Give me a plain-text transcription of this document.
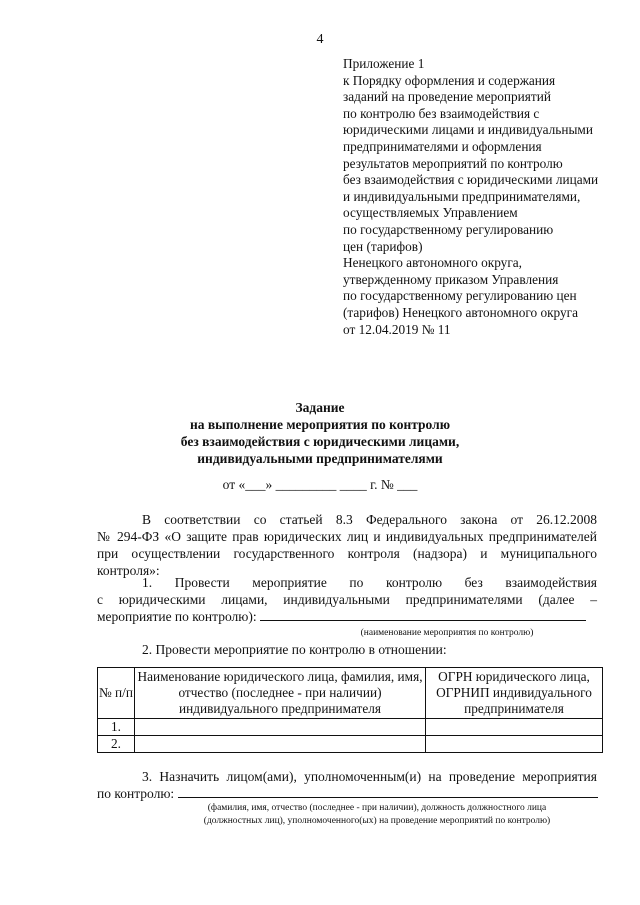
4
Приложение 1
к Порядку оформления и содержания
заданий на проведение мероприятий
по контролю без взаимодействия с
юридическими лицами и индивидуальными
предпринимателями и оформления
результатов мероприятий по контролю
без взаимодействия с юридическими лицами
и индивидуальными предпринимателями,
осуществляемых Управлением
по государственному регулированию
цен (тарифов)
Ненецкого автономного округа,
утвержденному приказом Управления
по государственному регулированию цен
(тарифов) Ненецкого автономного округа
от 12.04.2019 № 11
Задание
на выполнение мероприятия по контролю
без взаимодействия с юридическими лицами,
индивидуальными предпринимателями
от «___» _________ ____ г. № ___
В соответствии со статьей 8.3 Федерального закона от 26.12.2008
№ 294-ФЗ «О защите прав юридических лиц и индивидуальных предпринимателей
при осуществлении государственного контроля (надзора) и муниципального
контроля»:
1. Провести мероприятие по контролю без взаимодействия
с юридическими лицами, индивидуальными предпринимателями (далее –
мероприятие по контролю):
(наименование мероприятия по контролю)
2. Провести мероприятие по контролю в отношении:
№ п/п	Наименование юридического лица, фамилия, имя, отчество (последнее - при наличии) индивидуального предпринимателя	ОГРН юридического лица, ОГРНИП индивидуального предпринимателя
1.		
2.		
3. Назначить лицом(ами), уполномоченным(и) на проведение мероприятия
по контролю:
(фамилия, имя, отчество (последнее - при наличии), должность должностного лица
(должностных лиц), уполномоченного(ых) на проведение мероприятий по контролю)
